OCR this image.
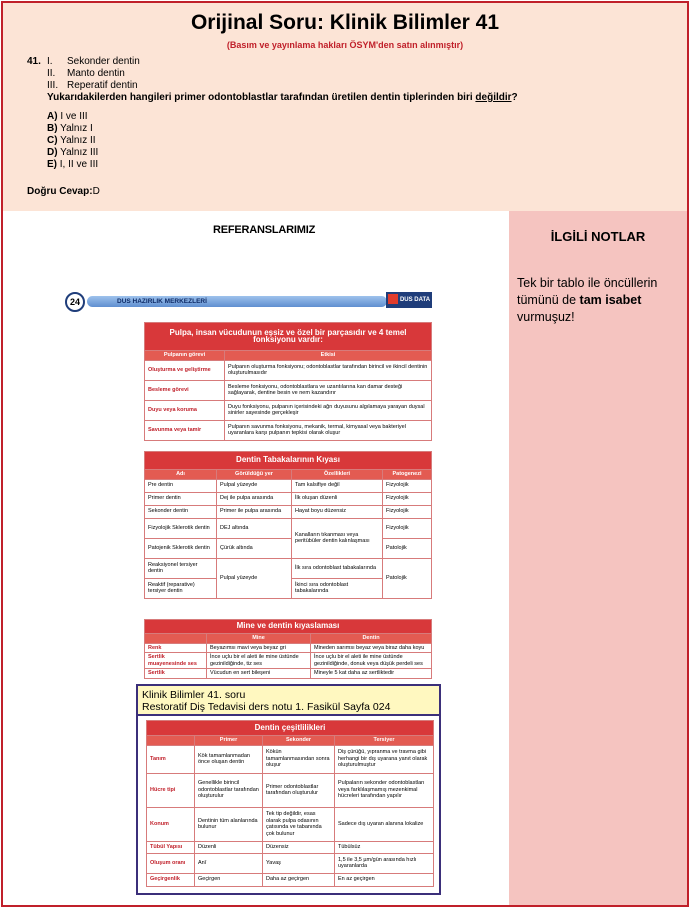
Orijinal Soru: Klinik Bilimler 41
(Basım ve yayınlama hakları ÖSYM'den satın alınmıştır)
41. I. Sekonder dentin
II. Manto dentin
III. Reperatif dentin
Yukarıdakilerden hangileri primer odontoblastlar tarafından üretilen dentin tiplerinden biri değildir?
A) I ve III
B) Yalnız I
C) Yalnız II
D) Yalnız III
E) I, II ve III
Doğru Cevap:D
İLGİLİ NOTLAR
Tek bir tablo ile öncüllerin tümünü de tam isabet vurmuşuz!
REFERANSLARIMIZ
DUS HAZIRLIK MERKEZLERİ
24	DUS DATA
Pulpa, insan vücudunun eşsiz ve özel bir parçasıdır ve 4 temel fonksiyonu vardır:	
Pulpanın görevi	Etkisi
Oluşturma ve geliştirme	Pulpanın oluşturma fonksiyonu; odontoblastlar tarafından birincil ve ikincil dentinin oluşturulmasıdır
Besleme görevi	Besleme fonksiyonu, odontoblastlara ve uzantılarına kan damar desteği sağlayarak, dentine besin ve nem kazandırır
Duyu veya koruma	Duyu fonksiyonu, pulpanın içerisindeki ağrı duyusunu algılamaya yarayan duysal sinirler sayesinde gerçekleşir
Savunma veya tamir	Pulpanın savunma fonksiyonu, mekanik, termal, kimyasal veya bakteriyel uyaranlara karşı pulpanın tepkisi olarak oluşur
Dentin Tabakalarının Kıyası			
Adı	Görüldüğü yer	Özellikleri	Patogenezi
Pre dentin	Pulpal yüzeyde	Tam kalsifiye değil	Fizyolojik
Primer dentin	Dej ile pulpa arasında	İlk oluşan düzenli	Fizyolojik
Sekonder dentin	Primer ile pulpa arasında	Hayat boyu düzensiz	Fizyolojik
Fizyolojik Sklerotik dentin	DEJ altında	Kanalların tıkanması veya peritübüler dentin kalınlaşması	Fizyolojik
Patojenik Sklerotik dentin	Çürük altında		Patolojik
Reaksiyonel tersiyer dentin	Pulpal yüzeyde	İlk sıra odontoblast tabakalarında	Patolojik
Reaktif (reparative) tersiyer dentin		İkinci sıra odontoblast tabakalarında	
Mine ve dentin kıyaslaması		
	Mine	Dentin
Renk	Beyazımsı mavi veya beyaz gri	Mineden sarımsı beyaz veya biraz daha koyu
Sertlik muayenesinde ses	İnce uçlu bir el aleti ile mine üstünde gezinildiğinde, tiz ses	İnce uçlu bir el aleti ile mine üstünde gezinildiğinde, donuk veya düşük perdeli ses
Sertlik	Vücudun en sert bileşeni	Mineyle 5 kat daha az sertliktedir
Klinik Bilimler 41. soru
Restoratif Diş Tedavisi ders notu 1. Fasikül Sayfa 024
Dentin çeşitlilikleri			
	Primer	Sekonder	Tersiyer
Tanım	Kök tamamlanmadan önce oluşan dentin	Kökün tamamlanmasından sonra oluşur	Diş çürüğü, yıpranma ve travma gibi herhangi bir dış uyarana yanıt olarak oluşturulmuştur
Hücre tipi	Genellikle birincil odontoblastlar tarafından oluşturulur	Primer odontoblastlar tarafından oluşturulur	Pulpaların sekonder odontoblastları veya farklılaşmamış mezenkimal hücreleri tarafından yapılır
Konum	Dentinin tüm alanlarında bulunur	Tek tip değildir, esas olarak pulpa odasının çatısında ve tabanında çok bulunur	Sadece dış uyaran alanına lokalize
Tübül Yapısı	Düzenli	Düzensiz	Tübülsüz
Oluşum oranı	Anî	Yavaş	1,5 ile 3,5 µm/gün arasında hızlı uyaranlarda
Geçirgenlik	Geçirgen	Daha az geçirgen	En az geçirgen
